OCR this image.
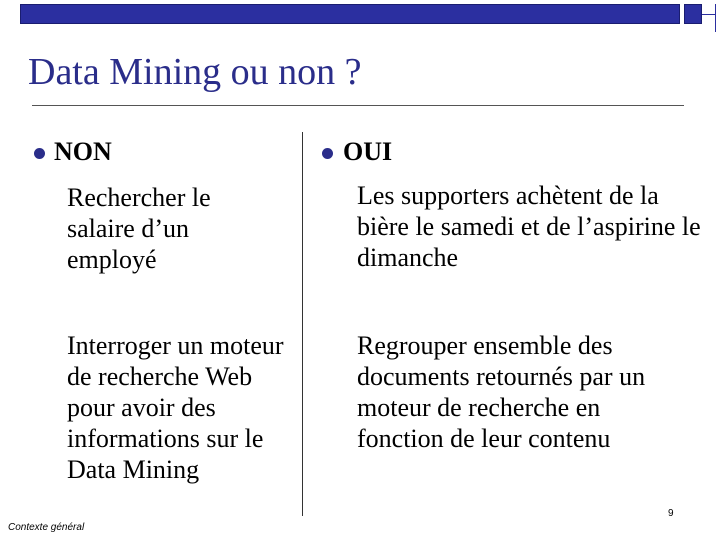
Data Mining ou non ?
NON
Rechercher le salaire d’un employé
Interroger un moteur de recherche Web pour avoir des informations sur le Data Mining
OUI
Les supporters achètent de la bière le samedi et de l’aspirine le dimanche
Regrouper ensemble des documents retournés par un moteur de recherche en fonction de leur contenu
Contexte général
9
